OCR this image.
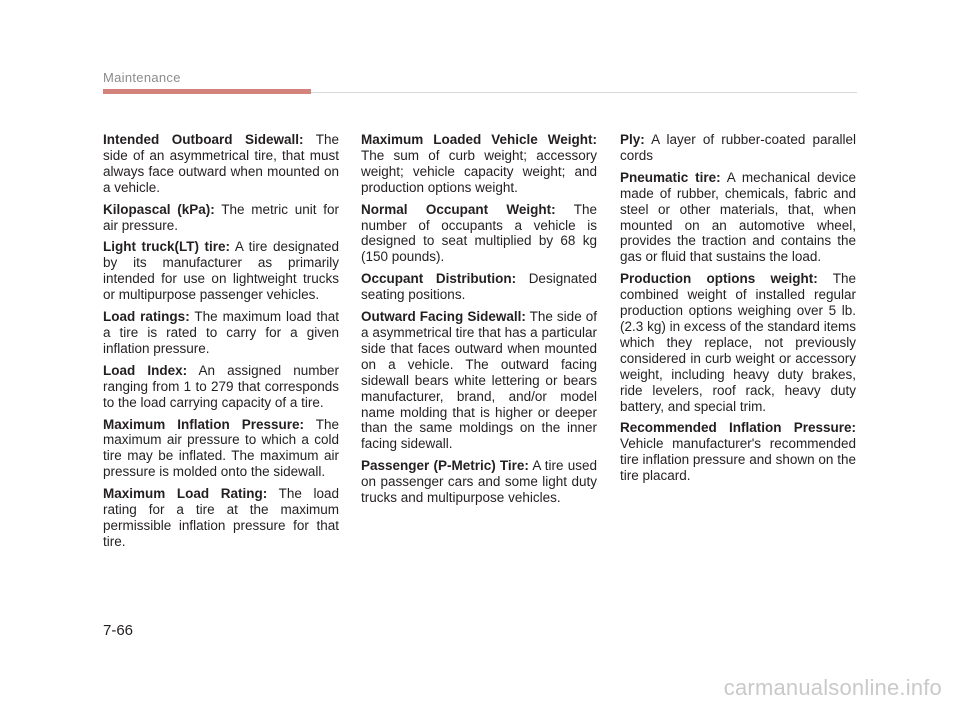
Maintenance

Intended Outboard Sidewall: The side of an asymmetrical tire, that must always face outward when mounted on a vehicle.

Kilopascal (kPa): The metric unit for air pressure.

Light truck(LT) tire: A tire designated by its manufacturer as primarily intended for use on lightweight trucks or multipurpose passenger vehicles.

Load ratings: The maximum load that a tire is rated to carry for a given inflation pressure.

Load Index: An assigned number ranging from 1 to 279 that corresponds to the load carrying capacity of a tire.

Maximum Inflation Pressure: The maximum air pressure to which a cold tire may be inflated. The maximum air pressure is molded onto the sidewall.

Maximum Load Rating: The load rating for a tire at the maximum permissible inflation pressure for that tire.

Maximum Loaded Vehicle Weight: The sum of curb weight; accessory weight; vehicle capacity weight; and production options weight.

Normal Occupant Weight: The number of occupants a vehicle is designed to seat multiplied by 68 kg (150 pounds).

Occupant Distribution: Designated seating positions.

Outward Facing Sidewall: The side of a asymmetrical tire that has a particular side that faces outward when mounted on a vehicle. The outward facing sidewall bears white lettering or bears manufacturer, brand, and/or model name molding that is higher or deeper than the same moldings on the inner facing sidewall.

Passenger (P-Metric) Tire: A tire used on passenger cars and some light duty trucks and multipurpose vehicles.

Ply: A layer of rubber-coated parallel cords

Pneumatic tire: A mechanical device made of rubber, chemicals, fabric and steel or other materials, that, when mounted on an automotive wheel, provides the traction and contains the gas or fluid that sustains the load.

Production options weight: The combined weight of installed regular production options weighing over 5 lb.(2.3 kg) in excess of the standard items which they replace, not previously considered in curb weight or accessory weight, including heavy duty brakes, ride levelers, roof rack, heavy duty battery, and special trim.

Recommended Inflation Pressure: Vehicle manufacturer's recommended tire inflation pressure and shown on the tire placard.

7-66
carmanualsonline.info
